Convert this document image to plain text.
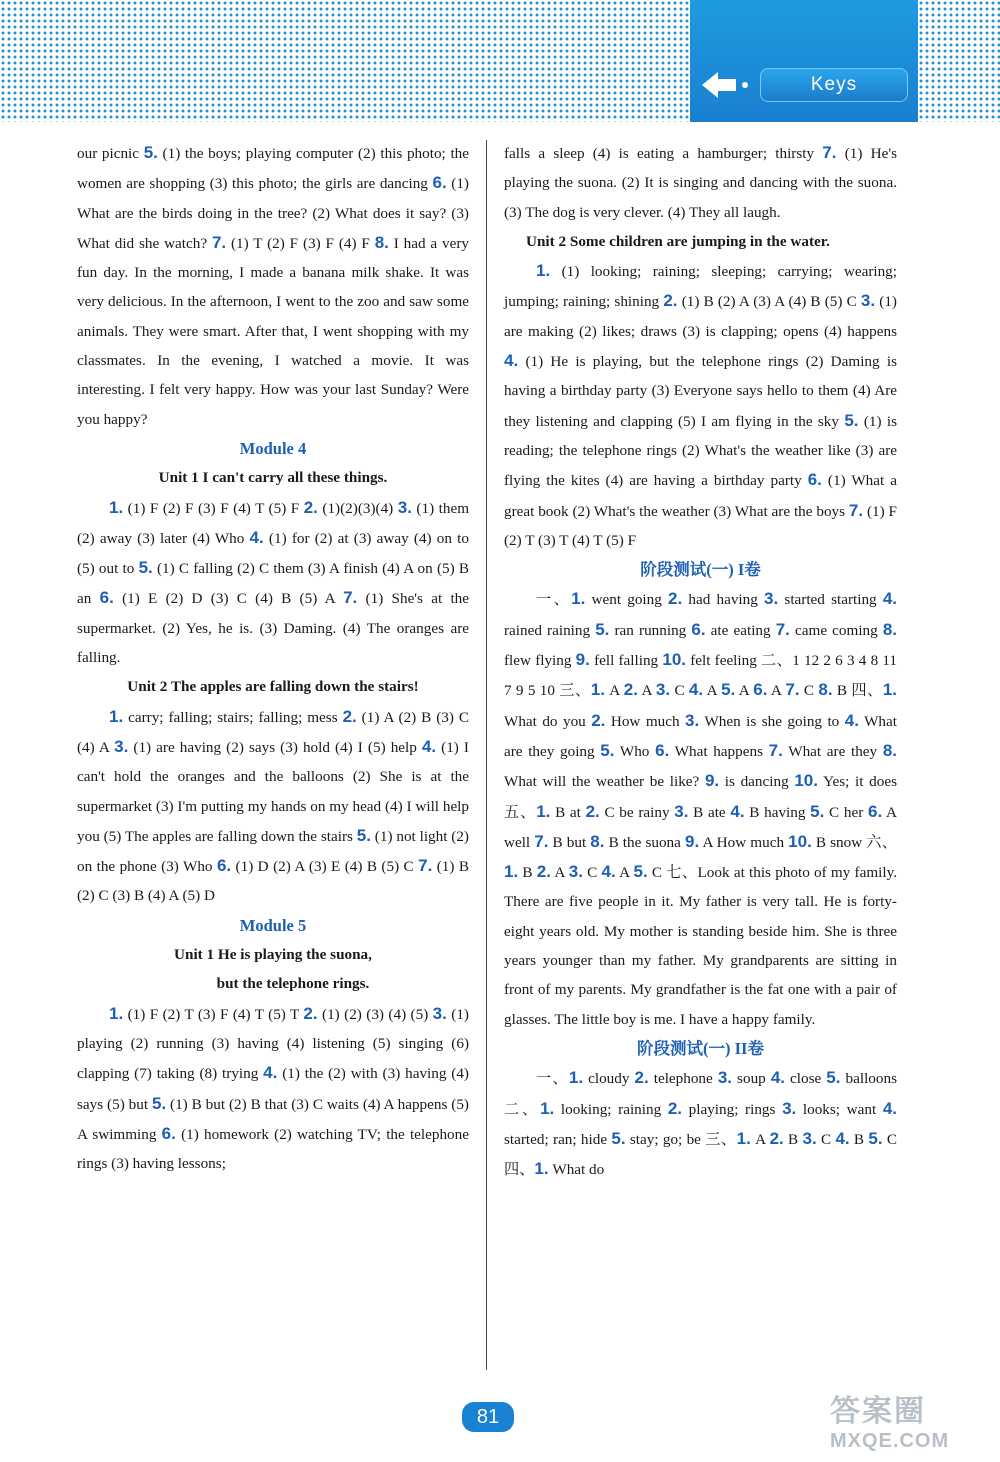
Keys

our picnic 5. (1) the boys; playing computer (2) this photo; the women are shopping (3) this photo; the girls are dancing 6. (1) What are the birds doing in the tree? (2) What does it say? (3) What did she watch? 7. (1) T (2) F (3) F (4) F 8. I had a very fun day. In the morning, I made a banana milk shake. It was very delicious. In the afternoon, I went to the zoo and saw some animals. They were smart. After that, I went shopping with my classmates. In the evening, I watched a movie. It was interesting. I felt very happy. How was your last Sunday? Were you happy?

Module 4

Unit 1 I can't carry all these things.

1. (1) F (2) F (3) F (4) T (5) F 2. (1)(2)(3)(4) 3. (1) them (2) away (3) later (4) Who 4. (1) for (2) at (3) away (4) on to (5) out to 5. (1) C falling (2) C them (3) A finish (4) A on (5) B an 6. (1) E (2) D (3) C (4) B (5) A 7. (1) She's at the supermarket. (2) Yes, he is. (3) Daming. (4) The oranges are falling.

Unit 2 The apples are falling down the stairs!

1. carry; falling; stairs; falling; mess 2. (1) A (2) B (3) C (4) A 3. (1) are having (2) says (3) hold (4) I (5) help 4. (1) I can't hold the oranges and the balloons (2) She is at the supermarket (3) I'm putting my hands on my head (4) I will help you (5) The apples are falling down the stairs 5. (1) not light (2) on the phone (3) Who 6. (1) D (2) A (3) E (4) B (5) C 7. (1) B (2) C (3) B (4) A (5) D

Module 5

Unit 1 He is playing the suona,

but the telephone rings.

1. (1) F (2) T (3) F (4) T (5) T 2. (1) (2) (3) (4) (5) 3. (1) playing (2) running (3) having (4) listening (5) singing (6) clapping (7) taking (8) trying 4. (1) the (2) with (3) having (4) says (5) but 5. (1) B but (2) B that (3) C waits (4) A happens (5) A swimming 6. (1) homework (2) watching TV; the telephone rings (3) having lessons;

falls a sleep (4) is eating a hamburger; thirsty 7. (1) He's playing the suona. (2) It is singing and dancing with the suona. (3) The dog is very clever. (4) They all laugh.

Unit 2 Some children are jumping in the water.

1. (1) looking; raining; sleeping; carrying; wearing; jumping; raining; shining 2. (1) B (2) A (3) A (4) B (5) C 3. (1) are making (2) likes; draws (3) is clapping; opens (4) happens 4. (1) He is playing, but the telephone rings (2) Daming is having a birthday party (3) Everyone says hello to them (4) Are they listening and clapping (5) I am flying in the sky 5. (1) is reading; the telephone rings (2) What's the weather like (3) are flying the kites (4) are having a birthday party 6. (1) What a great book (2) What's the weather (3) What are the boys 7. (1) F (2) T (3) T (4) T (5) F

阶段测试(一) I卷

一、1. went going 2. had having 3. started starting 4. rained raining 5. ran running 6. ate eating 7. came coming 8. flew flying 9. fell falling 10. felt feeling 二、1 12 2 6 3 4 8 11 7 9 5 10 三、1. A 2. A 3. C 4. A 5. A 6. A 7. C 8. B 四、1. What do you 2. How much 3. When is she going to 4. What are they going 5. Who 6. What happens 7. What are they 8. What will the weather be like? 9. is dancing 10. Yes; it does 五、1. B at 2. C be rainy 3. B ate 4. B having 5. C her 6. A well 7. B but 8. B the suona 9. A How much 10. B snow 六、1. B 2. A 3. C 4. A 5. C 七、Look at this photo of my family. There are five people in it. My father is very tall. He is forty-eight years old. My mother is standing beside him. She is three years younger than my father. My grandparents are sitting in front of my parents. My grandfather is the fat one with a pair of glasses. The little boy is me. I have a happy family.

阶段测试(一) II卷

一、1. cloudy 2. telephone 3. soup 4. close 5. balloons 二、1. looking; raining 2. playing; rings 3. looks; want 4. started; ran; hide 5. stay; go; be 三、1. A 2. B 3. C 4. B 5. C 四、1. What do

81	答案圈
MXQE.COM
